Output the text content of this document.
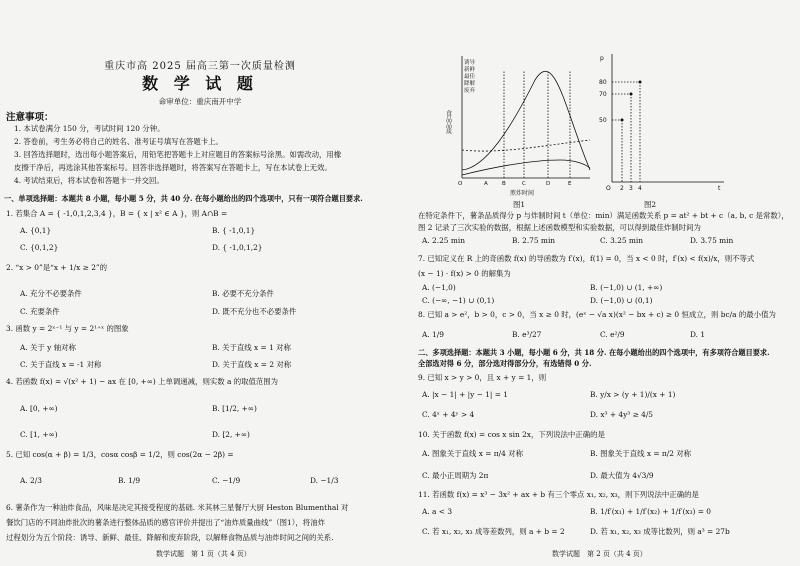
重庆市高 2025 届高三第一次质量检测
数 学 试 题
命审单位：重庆南开中学
注意事项：
1. 本试卷满分 150 分，考试时间 120 分钟。
2. 答卷前，考生务必将自己的姓名、准考证号填写在答题卡上。
3. 回答选择题时，选出每小题答案后，用铅笔把答题卡上对应题目的答案标号涂黑。如需改动，用橡
皮擦干净后，再选涂其他答案标号。回答非选择题时，将答案写在答题卡上，写在本试卷上无效。
4. 考试结束后，将本试卷和答题卡一并交回。
一、单项选择题：本题共 8 小题，每小题 5 分，共 40 分. 在每小题给出的四个选项中，只有一项符合题目要求.
1. 若集合 A = { -1,0,1,2,3,4 }，B = { x | x² ∈ A }，则 A∩B =
A. {0,1}	B. { -1,0,1}
C. {0,1,2}	D. { -1,0,1,2}
2. “x > 0”是“x + 1/x ≥ 2”的
A. 充分不必要条件	B. 必要不充分条件
C. 充要条件	D. 既不充分也不必要条件
3. 函数 y = 2ˣ⁻¹ 与 y = 2¹⁺ˣ 的图象
A. 关于 y 轴对称	B. 关于直线 x = 1 对称
C. 关于直线 x = -1 对称	D. 关于直线 x = 2 对称
4. 若函数 f(x) = √(x² + 1) − ax 在 [0, +∞) 上单调递减，则实数 a 的取值范围为
A. [0, +∞)	B. [1/2, +∞)
C. [1, +∞)	D. [2, +∞)
5. 已知 cos(α + β) = 1/3，cosα cosβ = 1/2，则 cos(2α − 2β) =
A. 2/3	B. 1/9	C. −1/9	D. −1/3
6. 薯条作为一种油炸食品，风味是决定其接受程度的基础. 米其林三星餐厅大厨 Heston Blumenthal 对
餐饮门店的不同油炸批次的薯条进行整体品质的感官评价并提出了“油炸质量曲线”（图1），将油炸
过程划分为五个阶段：诱导、新鲜、最佳、降解和废弃阶段，以解释食物品质与油炸时间之间的关系.
数学试题　第 1 页（共 4 页）
诱导
新鲜
最佳
降解
废弃
食品品质
煎炸时间
O	A	B	C	D	E
图1
p
80
70
50
O 2 3 4	t
图2
在特定条件下，薯条品质得分 p 与炸制时间 t（单位：min）满足函数关系 p = at² + bt + c（a, b, c 是常数），
图 2 记录了三次实验的数据，根据上述函数模型和实验数据，可以得到最佳炸制时间为
A. 2.25 min	B. 2.75 min	C. 3.25 min	D. 3.75 min
7. 已知定义在 R 上的奇函数 f(x) 的导函数为 f′(x)，f(1) = 0，当 x < 0 时，f′(x) < f(x)/x，则不等式
(x − 1) · f(x) > 0 的解集为
A. (−1,0)	B. (−1,0) ∪ (1, +∞)
C. (−∞, −1) ∪ (0,1)	D. (−1,0) ∪ (0,1)
8. 已知 a > e²，b > 0，c > 0，当 x ≥ 0 时，(eˣ − √a x)(x² − bx + c) ≥ 0 恒成立，则 bc/a 的最小值为
A. 1/9	B. e³/27	C. e²/9	D. 1
二、多项选择题：本题共 3 小题，每小题 6 分，共 18 分. 在每小题给出的四个选项中，有多项符合题目要求.
全部选对得 6 分，部分选对得部分分，有选错得 0 分.
9. 已知 x > y > 0，且 x + y = 1，则
A. |x − 1| + |y − 1| = 1	B. y/x > (y + 1)/(x + 1)
C. 4ˣ + 4ʸ > 4	D. x³ + 4y³ ≥ 4/5
10. 关于函数 f(x) = cos x sin 2x，下列说法中正确的是
A. 图象关于直线 x = π/4 对称	B. 图象关于直线 x = π/2 对称
C. 最小正周期为 2π	D. 最大值为 4√3/9
11. 若函数 f(x) = x³ − 3x² + ax + b 有三个零点 x₁, x₂, x₃，则下列说法中正确的是
A. a < 3	B. 1/f′(x₁) + 1/f′(x₂) + 1/f′(x₃) = 0
C. 若 x₁, x₂, x₃ 成等差数列，则 a + b = 2	D. 若 x₁, x₂, x₃ 成等比数列，则 a³ = 27b
数学试题　第 2 页（共 4 页）
